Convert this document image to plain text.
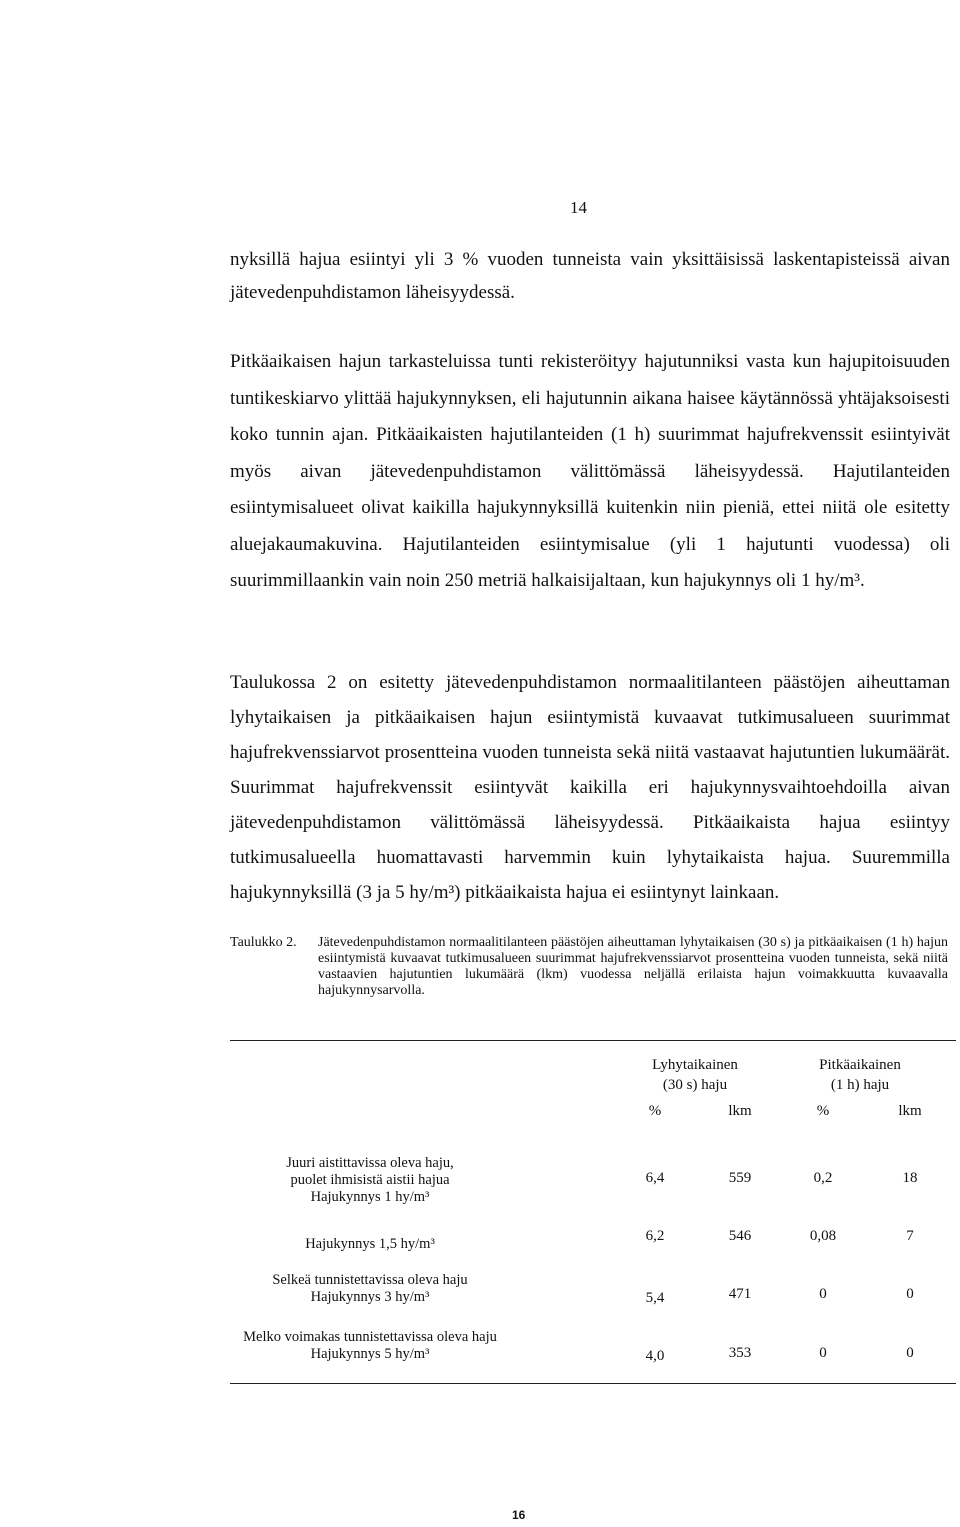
14

nyksillä hajua esiintyi yli 3 % vuoden tunneista vain yksittäisissä laskentapisteissä aivan jätevedenpuhdistamon läheisyydessä.

Pitkäaikaisen hajun tarkasteluissa tunti rekisteröityy hajutunniksi vasta kun hajupitoisuuden tuntikeskiarvo ylittää hajukynnyksen, eli hajutunnin aikana haisee käytännössä yhtäjaksoisesti koko tunnin ajan. Pitkäaikaisten hajutilanteiden (1 h) suurimmat hajufrekvenssit esiintyivät myös aivan jätevedenpuhdistamon välittömässä läheisyydessä. Hajutilanteiden esiintymisalueet olivat kaikilla hajukynnyksillä kuitenkin niin pieniä, ettei niitä ole esitetty aluejakaumakuvina. Hajutilanteiden esiintymisalue (yli 1 hajutunti vuodessa) oli suurimmillaankin vain noin 250 metriä halkaisijaltaan, kun hajukynnys oli 1 hy/m³.

Taulukossa 2 on esitetty jätevedenpuhdistamon normaalitilanteen päästöjen aiheuttaman lyhytaikaisen ja pitkäaikaisen hajun esiintymistä kuvaavat tutkimusalueen suurimmat hajufrekvenssiarvot prosentteina vuoden tunneista sekä niitä vastaavat hajutuntien lukumäärät. Suurimmat hajufrekvenssit esiintyvät kaikilla eri hajukynnysvaihtoehdoilla aivan jätevedenpuhdistamon välittömässä läheisyydessä. Pitkäaikaista hajua esiintyy tutkimusalueella huomattavasti harvemmin kuin lyhytaikaista hajua. Suuremmilla hajukynnyksillä (3 ja 5 hy/m³) pitkäaikaista hajua ei esiintynyt lainkaan.

Taulukko 2. Jätevedenpuhdistamon normaalitilanteen päästöjen aiheuttaman lyhytaikaisen (30 s) ja pitkäaikaisen (1 h) hajun esiintymistä kuvaavat tutkimusalueen suurimmat hajufrekvenssiarvot prosentteina vuoden tunneista, sekä niitä vastaavien hajutuntien lukumäärä (lkm) vuodessa neljällä erilaista hajun voimakkuutta kuvaavalla hajukynnysarvolla.
Lyhytaikainen
(30 s) haju
Pitkäaikainen
(1 h) haju
%	lkm	%	lkm
Juuri aistittavissa oleva haju,
puolet ihmisistä aistii hajua
Hajukynnys 1 hy/m³
6,4	559	0,2	18
Hajukynnys 1,5 hy/m³	6,2	546	0,08	7
Selkeä tunnistettavissa oleva haju
Hajukynnys 3 hy/m³	5,4	471	0	0
Melko voimakas tunnistettavissa oleva haju
Hajukynnys 5 hy/m³	4,0	353	0	0
16
